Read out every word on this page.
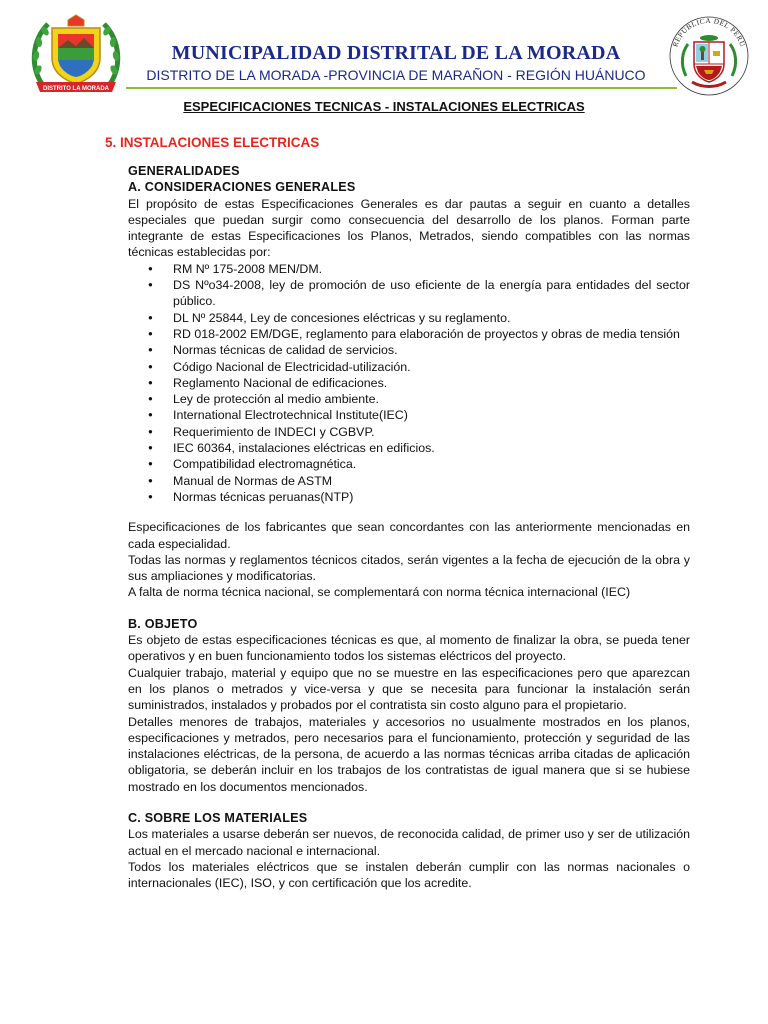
DISTRITO LA MORADA
MUNICIPALIDAD DISTRITAL DE LA MORADA
DISTRITO DE LA MORADA -PROVINCIA DE MARAÑON - REGIÓN HUÁNUCO
REPÚBLICA DEL PERÚ
ESPECIFICACIONES TECNICAS - INSTALACIONES ELECTRICAS
5. INSTALACIONES ELECTRICAS
GENERALIDADES
A. CONSIDERACIONES GENERALES

El propósito de estas Especificaciones Generales es dar pautas a seguir en cuanto a detalles especiales que puedan surgir como consecuencia del desarrollo de los planos. Forman parte integrante de estas Especificaciones los Planos, Metrados, siendo compatibles con las normas técnicas establecidas por:

● RM Nº 175-2008 MEN/DM.
● DS Nºo34-2008, ley de promoción de uso eficiente de la energía para entidades del sector público.
● DL Nº 25844, Ley de concesiones eléctricas y su reglamento.
● RD 018-2002 EM/DGE, reglamento para elaboración de proyectos y obras de media tensión
● Normas técnicas de calidad de servicios.
● Código Nacional de Electricidad-utilización.
● Reglamento Nacional de edificaciones.
● Ley de protección al medio ambiente.
● International Electrotechnical Institute(IEC)
● Requerimiento de INDECI y CGBVP.
● IEC 60364, instalaciones eléctricas en edificios.
● Compatibilidad electromagnética.
● Manual de Normas de ASTM
● Normas técnicas peruanas(NTP)

Especificaciones de los fabricantes que sean concordantes con las anteriormente mencionadas en cada especialidad.

Todas las normas y reglamentos técnicos citados, serán vigentes a la fecha de ejecución de la obra y sus ampliaciones y modificatorias.

A falta de norma técnica nacional, se complementará con norma técnica internacional (IEC)

B. OBJETO

Es objeto de estas especificaciones técnicas es que, al momento de finalizar la obra, se pueda tener operativos y en buen funcionamiento todos los sistemas eléctricos del proyecto.

Cualquier trabajo, material y equipo que no se muestre en las especificaciones pero que aparezcan en los planos o metrados y vice-versa y que se necesita para funcionar la instalación serán suministrados, instalados y probados por el contratista sin costo alguno para el propietario.

Detalles menores de trabajos, materiales y accesorios no usualmente mostrados en los planos, especificaciones y metrados, pero necesarios para el funcionamiento, protección y seguridad de las instalaciones eléctricas, de la persona, de acuerdo a las normas técnicas arriba citadas de aplicación obligatoria, se deberán incluir en los trabajos de los contratistas de igual manera que si se hubiese mostrado en los documentos mencionados.

C. SOBRE LOS MATERIALES

Los materiales a usarse deberán ser nuevos, de reconocida calidad, de primer uso y ser de utilización actual en el mercado nacional e internacional.

Todos los materiales eléctricos que se instalen deberán cumplir con las normas nacionales o internacionales (IEC), ISO, y con certificación que los acredite.
